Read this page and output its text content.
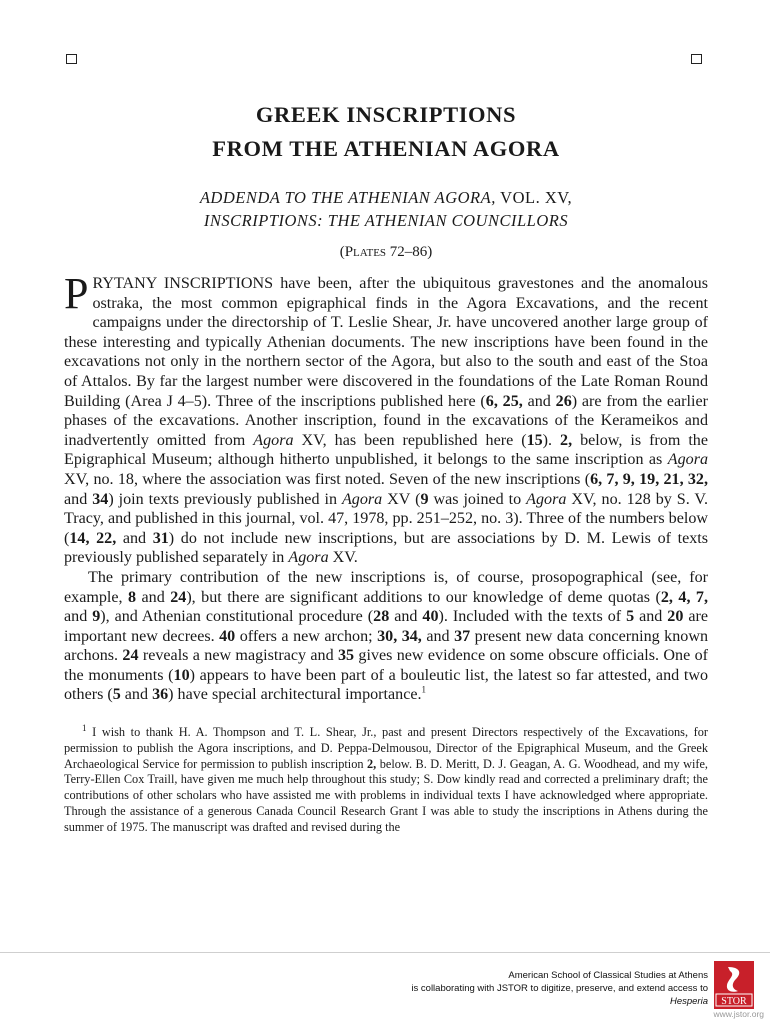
GREEK INSCRIPTIONS
FROM THE ATHENIAN AGORA
ADDENDA TO THE ATHENIAN AGORA, VOL. XV,
INSCRIPTIONS: THE ATHENIAN COUNCILLORS
(Plates 72–86)

PRYTANY INSCRIPTIONS have been, after the ubiquitous gravestones and the anomalous ostraka, the most common epigraphical finds in the Agora Excavations, and the recent campaigns under the directorship of T. Leslie Shear, Jr. have uncovered another large group of these interesting and typically Athenian documents. The new inscriptions have been found in the excavations not only in the northern sector of the Agora, but also to the south and east of the Stoa of Attalos. By far the largest number were discovered in the foundations of the Late Roman Round Building (Area J 4–5). Three of the inscriptions published here (6, 25, and 26) are from the earlier phases of the excavations. Another inscription, found in the excavations of the Kerameikos and inadvertently omitted from Agora XV, has been republished here (15). 2, below, is from the Epigraphical Museum; although hitherto unpublished, it belongs to the same inscription as Agora XV, no. 18, where the association was first noted. Seven of the new inscriptions (6, 7, 9, 19, 21, 32, and 34) join texts previously published in Agora XV (9 was joined to Agora XV, no. 128 by S. V. Tracy, and published in this journal, vol. 47, 1978, pp. 251–252, no. 3). Three of the numbers below (14, 22, and 31) do not include new inscriptions, but are associations by D. M. Lewis of texts previously published separately in Agora XV.

The primary contribution of the new inscriptions is, of course, prosopographical (see, for example, 8 and 24), but there are significant additions to our knowledge of deme quotas (2, 4, 7, and 9), and Athenian constitutional procedure (28 and 40). Included with the texts of 5 and 20 are important new decrees. 40 offers a new archon; 30, 34, and 37 present new data concerning known archons. 24 reveals a new magistracy and 35 gives new evidence on some obscure officials. One of the monuments (10) appears to have been part of a bouleutic list, the latest so far attested, and two others (5 and 36) have special architectural importance.$^1$

$^1$ I wish to thank H. A. Thompson and T. L. Shear, Jr., past and present Directors respectively of the Excavations, for permission to publish the Agora inscriptions, and D. Peppa-Delmousou, Director of the Epigraphical Museum, and the Greek Archaeological Service for permission to publish inscription 2, below. B. D. Meritt, D. J. Geagan, A. G. Woodhead, and my wife, Terry-Ellen Cox Traill, have given me much help throughout this study; S. Dow kindly read and corrected a preliminary draft; the contributions of other scholars who have assisted me with problems in individual texts I have acknowledged where appropriate. Through the assistance of a generous Canada Council Research Grant I was able to study the inscriptions in Athens during the summer of 1975. The manuscript was drafted and revised during the

American School of Classical Studies at Athens
is collaborating with JSTOR to digitize, preserve, and extend access to
Hesperia STOR
www.jstor.org
